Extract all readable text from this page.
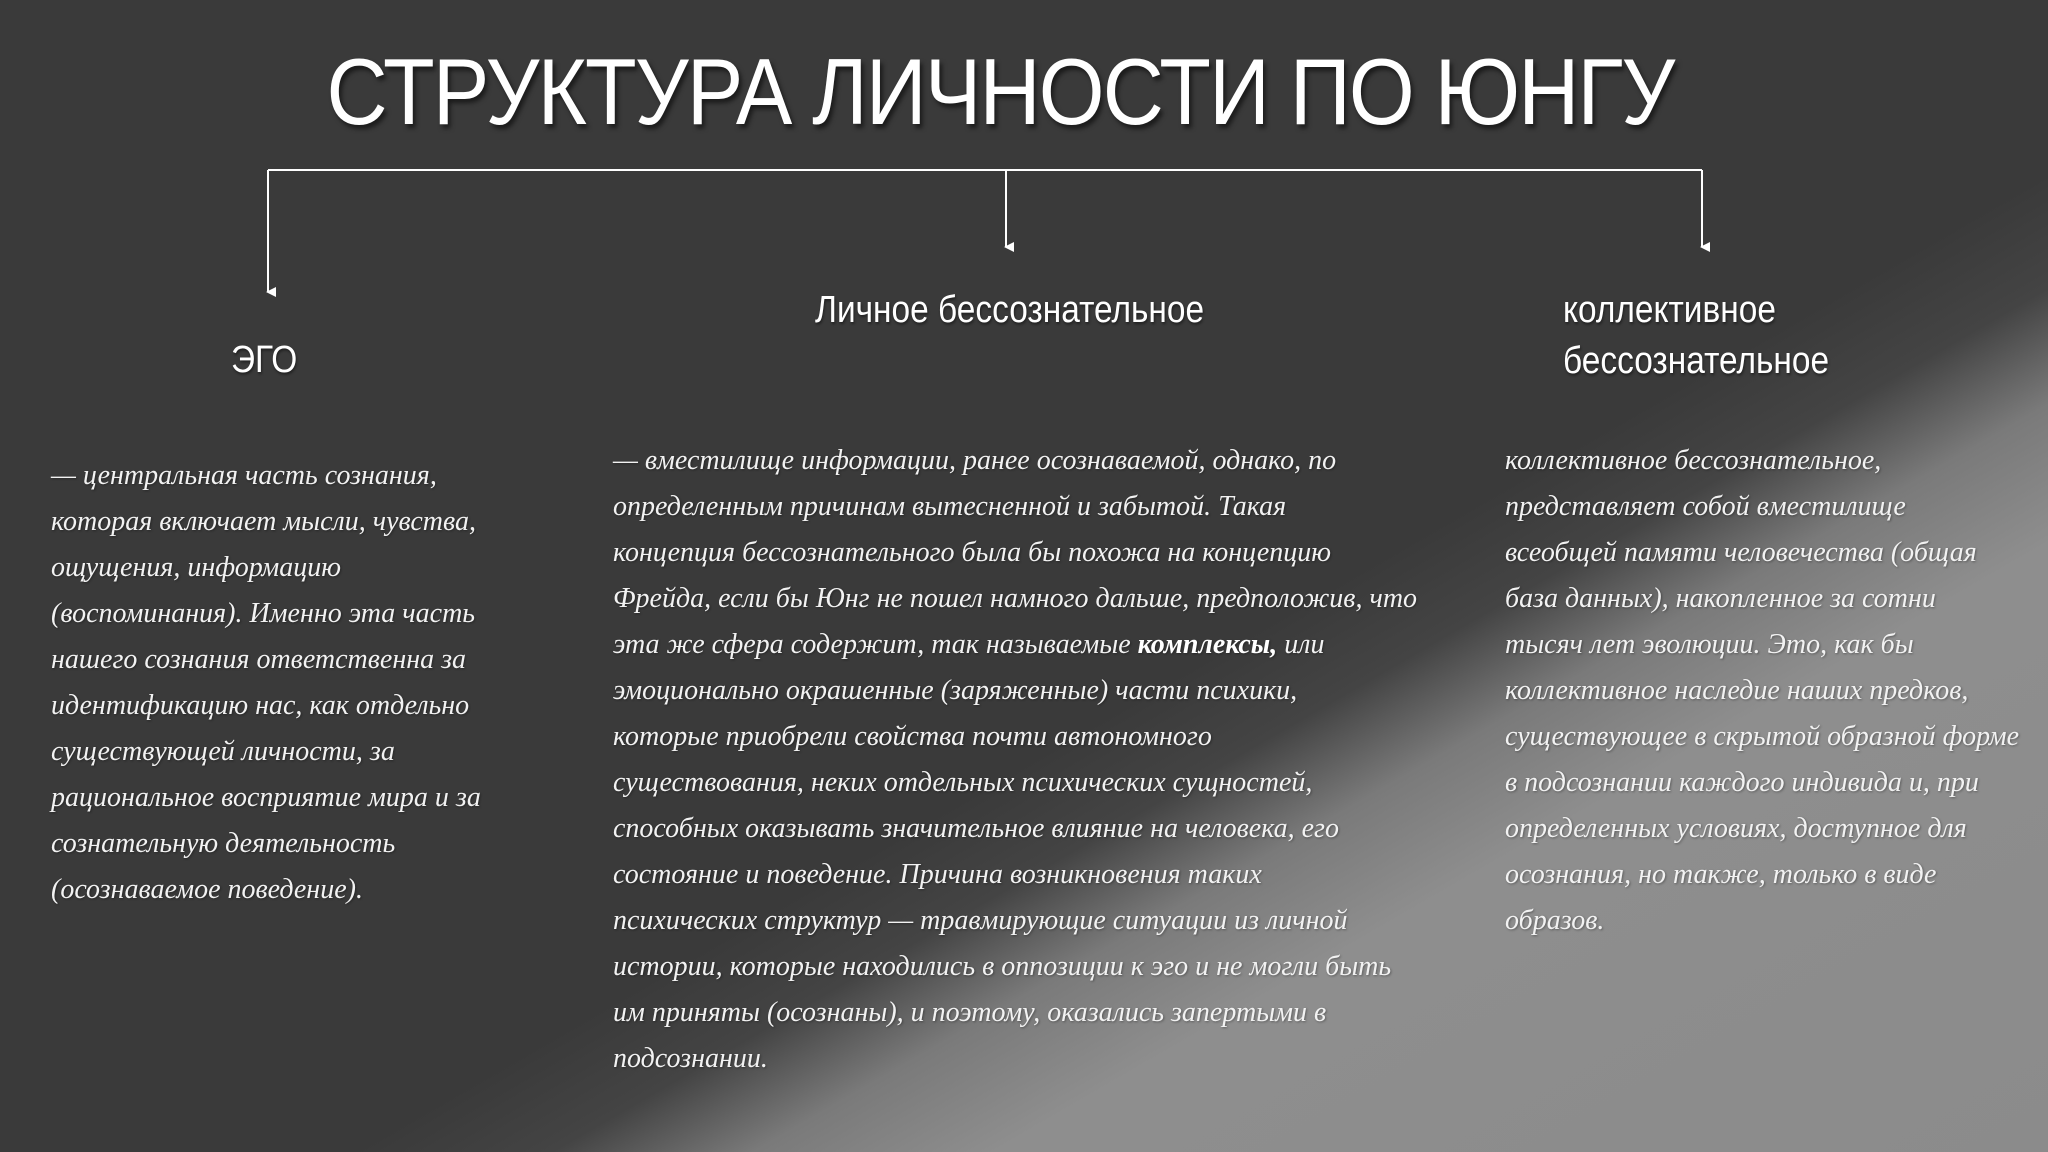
СТРУКТУРА ЛИЧНОСТИ ПО ЮНГУ
ЭГО
— центральная часть сознания,
которая включает мысли, чувства,
ощущения, информацию
(воспоминания). Именно эта часть
нашего сознания ответственна за
идентификацию нас, как отдельно
существующей личности, за
рациональное восприятие мира и за
сознательную деятельность
(осознаваемое поведение).
Личное бессознательное
— вместилище информации, ранее осознаваемой, однако, по
определенным причинам вытесненной и забытой. Такая
концепция бессознательного была бы похожа на концепцию
Фрейда, если бы Юнг не пошел намного дальше, предположив, что
эта же сфера содержит, так называемые комплексы, или
эмоционально окрашенные (заряженные) части психики,
которые приобрели свойства почти автономного
существования, неких отдельных психических сущностей,
способных оказывать значительное влияние на человека, его
состояние и поведение. Причина возникновения таких
психических структур — травмирующие ситуации из личной
истории, которые находились в оппозиции к эго и не могли быть
им приняты (осознаны), и поэтому, оказались запертыми в
подсознании.
коллективное
бессознательное
коллективное бессознательное,
представляет собой вместилище
всеобщей памяти человечества (общая
база данных), накопленное за сотни
тысяч лет эволюции. Это, как бы
коллективное наследие наших предков,
существующее в скрытой образной форме
в подсознании каждого индивида и, при
определенных условиях, доступное для
осознания, но также, только в виде
образов.
